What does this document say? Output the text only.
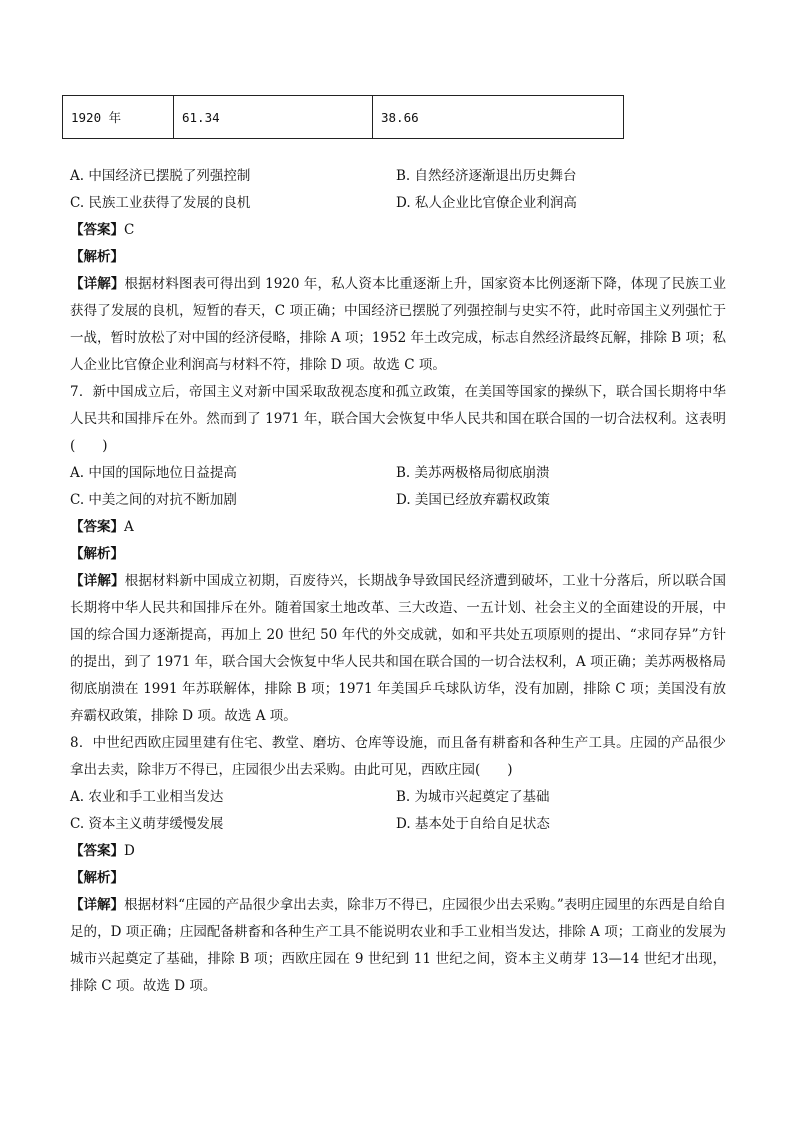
1920 年	61.34	38.66
A. 中国经济已摆脱了列强控制	B. 自然经济逐渐退出历史舞台
C. 民族工业获得了发展的良机	D. 私人企业比官僚企业利润高
【答案】C
【解析】
【详解】根据材料图表可得出到 1920 年，私人资本比重逐渐上升，国家资本比例逐渐下降，体现了民族工业获得了发展的良机，短暂的春天，C 项正确；中国经济已摆脱了列强控制与史实不符，此时帝国主义列强忙于一战，暂时放松了对中国的经济侵略，排除 A 项；1952 年土改完成，标志自然经济最终瓦解，排除 B 项；私人企业比官僚企业利润高与材料不符，排除 D 项。故选 C 项。
7．新中国成立后，帝国主义对新中国采取敌视态度和孤立政策，在美国等国家的操纵下，联合国长期将中华人民共和国排斥在外。然而到了 1971 年，联合国大会恢复中华人民共和国在联合国的一切合法权利。这表明(　　)
A. 中国的国际地位日益提高	B. 美苏两极格局彻底崩溃
C. 中美之间的对抗不断加剧	D. 美国已经放弃霸权政策
【答案】A
【解析】
【详解】根据材料新中国成立初期，百废待兴，长期战争导致国民经济遭到破坏，工业十分落后，所以联合国长期将中华人民共和国排斥在外。随着国家土地改革、三大改造、一五计划、社会主义的全面建设的开展，中国的综合国力逐渐提高，再加上 20 世纪 50 年代的外交成就，如和平共处五项原则的提出、“求同存异”方针的提出，到了 1971 年，联合国大会恢复中华人民共和国在联合国的一切合法权利，A 项正确；美苏两极格局彻底崩溃在 1991 年苏联解体，排除 B 项；1971 年美国乒乓球队访华，没有加剧，排除 C 项；美国没有放弃霸权政策，排除 D 项。故选 A 项。
8．中世纪西欧庄园里建有住宅、教堂、磨坊、仓库等设施，而且备有耕畜和各种生产工具。庄园的产品很少拿出去卖，除非万不得已，庄园很少出去采购。由此可见，西欧庄园(　　)
A. 农业和手工业相当发达	B. 为城市兴起奠定了基础
C. 资本主义萌芽缓慢发展	D. 基本处于自给自足状态
【答案】D
【解析】
【详解】根据材料“庄园的产品很少拿出去卖，除非万不得已，庄园很少出去采购。”表明庄园里的东西是自给自足的，D 项正确；庄园配备耕畜和各种生产工具不能说明农业和手工业相当发达，排除 A 项；工商业的发展为城市兴起奠定了基础，排除 B 项；西欧庄园在 9 世纪到 11 世纪之间，资本主义萌芽 13—14 世纪才出现，排除 C 项。故选 D 项。
